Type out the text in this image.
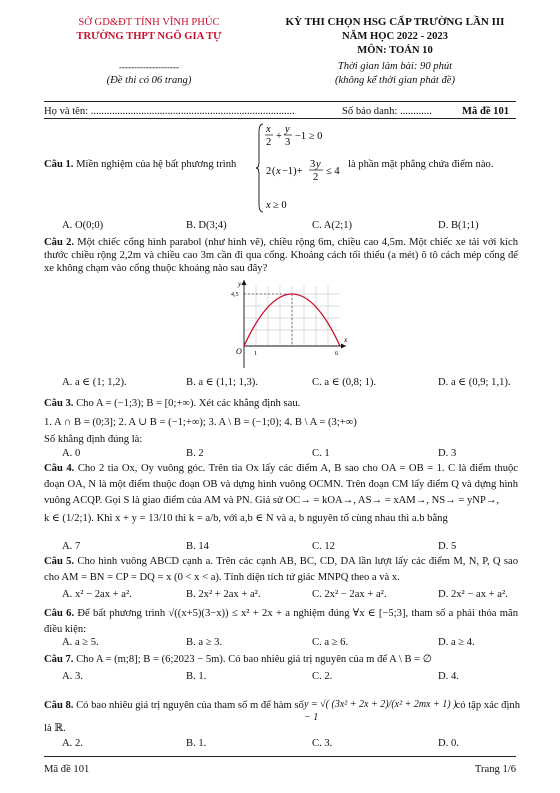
SỞ GD&ĐT TỈNH VĨNH PHÚC
TRƯỜNG THPT NGÔ GIA TỰ
--------------------
(Đề thi có 06 trang)
KỲ THI CHỌN HSG CẤP TRƯỜNG LẦN III
NĂM HỌC 2022 - 2023
MÔN: TOÁN 10
Thời gian làm bài: 90 phút
(không kể thời gian phát đề)
Họ và tên: .............................................................................	Số báo danh: ............	Mã đề 101
Câu 1. Miền nghiệm của hệ bất phương trình
x
2
+
y
3
−1 ≥ 0
2 ( x −1)+
3 y
2
≤ 4
x ≥ 0
là phần mặt phẳng chứa điểm nào.
A. O(0;0)	B. D(3;4)	C. A(2;1)	D. B(1;1)
Câu 2. Một chiếc cổng hình parabol (như hình vẽ), chiều rộng 6m, chiều cao 4,5m. Một chiếc xe tải với kích thước chiều rộng 2,2m và chiều cao 3m cần đi qua cổng. Khoảng cách tối thiểu (a mét) ô tô cách mép cổng để xe không chạm vào cổng thuộc khoảng nào sau đây?
y
x
O 1	6
4,5
A. a ∈ (1; 1,2).	B. a ∈ (1,1; 1,3).	C. a ∈ (0,8; 1).	D. a ∈ (0,9; 1,1).
Câu 3. Cho A = (−1;3); B = [0;+∞). Xét các khẳng định sau.
1. A ∩ B = (0;3]; 2. A ∪ B = (−1;+∞); 3. A \ B = (−1;0); 4. B \ A = (3;+∞)
Số khẳng định đúng là:
A. 0	B. 2	C. 1	D. 3
Câu 4. Cho 2 tia Ox, Oy vuông góc. Trên tia Ox lấy các điểm A, B sao cho OA = OB = 1. C là điểm thuộc đoạn OA, N là một điểm thuộc đoạn OB và dựng hình vuông OCMN. Trên đoạn CM lấy điểm Q và dựng hình vuông ACQP. Gọi S là giao điểm của AM và PN. Giả sử OC→ = kOA→, AS→ = xAM→, NS→ = yNP→,
k ∈ (1/2;1). Khi x + y = 13/10 thì k = a/b, với a,b ∈ N và a, b nguyên tố cùng nhau thì a.b bằng
A. 7	B. 14	C. 12	D. 5
Câu 5. Cho hình vuông ABCD cạnh a. Trên các cạnh AB, BC, CD, DA lần lượt lấy các điểm M, N, P, Q sao cho AM = BN = CP = DQ = x (0 < x < a). Tính diện tích tứ giác MNPQ theo a và x.
A. x² − 2ax + a².	B. 2x² + 2ax + a².	C. 2x² − 2ax + a².	D. 2x² − ax + a².
Câu 6. Để bất phương trình √((x+5)(3−x)) ≤ x² + 2x + a nghiệm đúng ∀x ∈ [−5;3], tham số a phải thỏa mãn điều kiện:
A. a ≥ 5.	B. a ≥ 3.	C. a ≥ 6.	D. a ≥ 4.
Câu 7. Cho A = (m;8]; B = (6;2023 − 5m). Có bao nhiêu giá trị nguyên của m để A \ B = ∅
A. 3.	B. 1.	C. 2.	D. 4.
Câu 8. Có bao nhiêu giá trị nguyên của tham số m để hàm số y = √( (3x² + 2x + 2)/(x² + 2mx + 1) ) − 1
có tập xác định
là ℝ.
A. 2.	B. 1.	C. 3.	D. 0.
Mã đề 101	Trang 1/6
